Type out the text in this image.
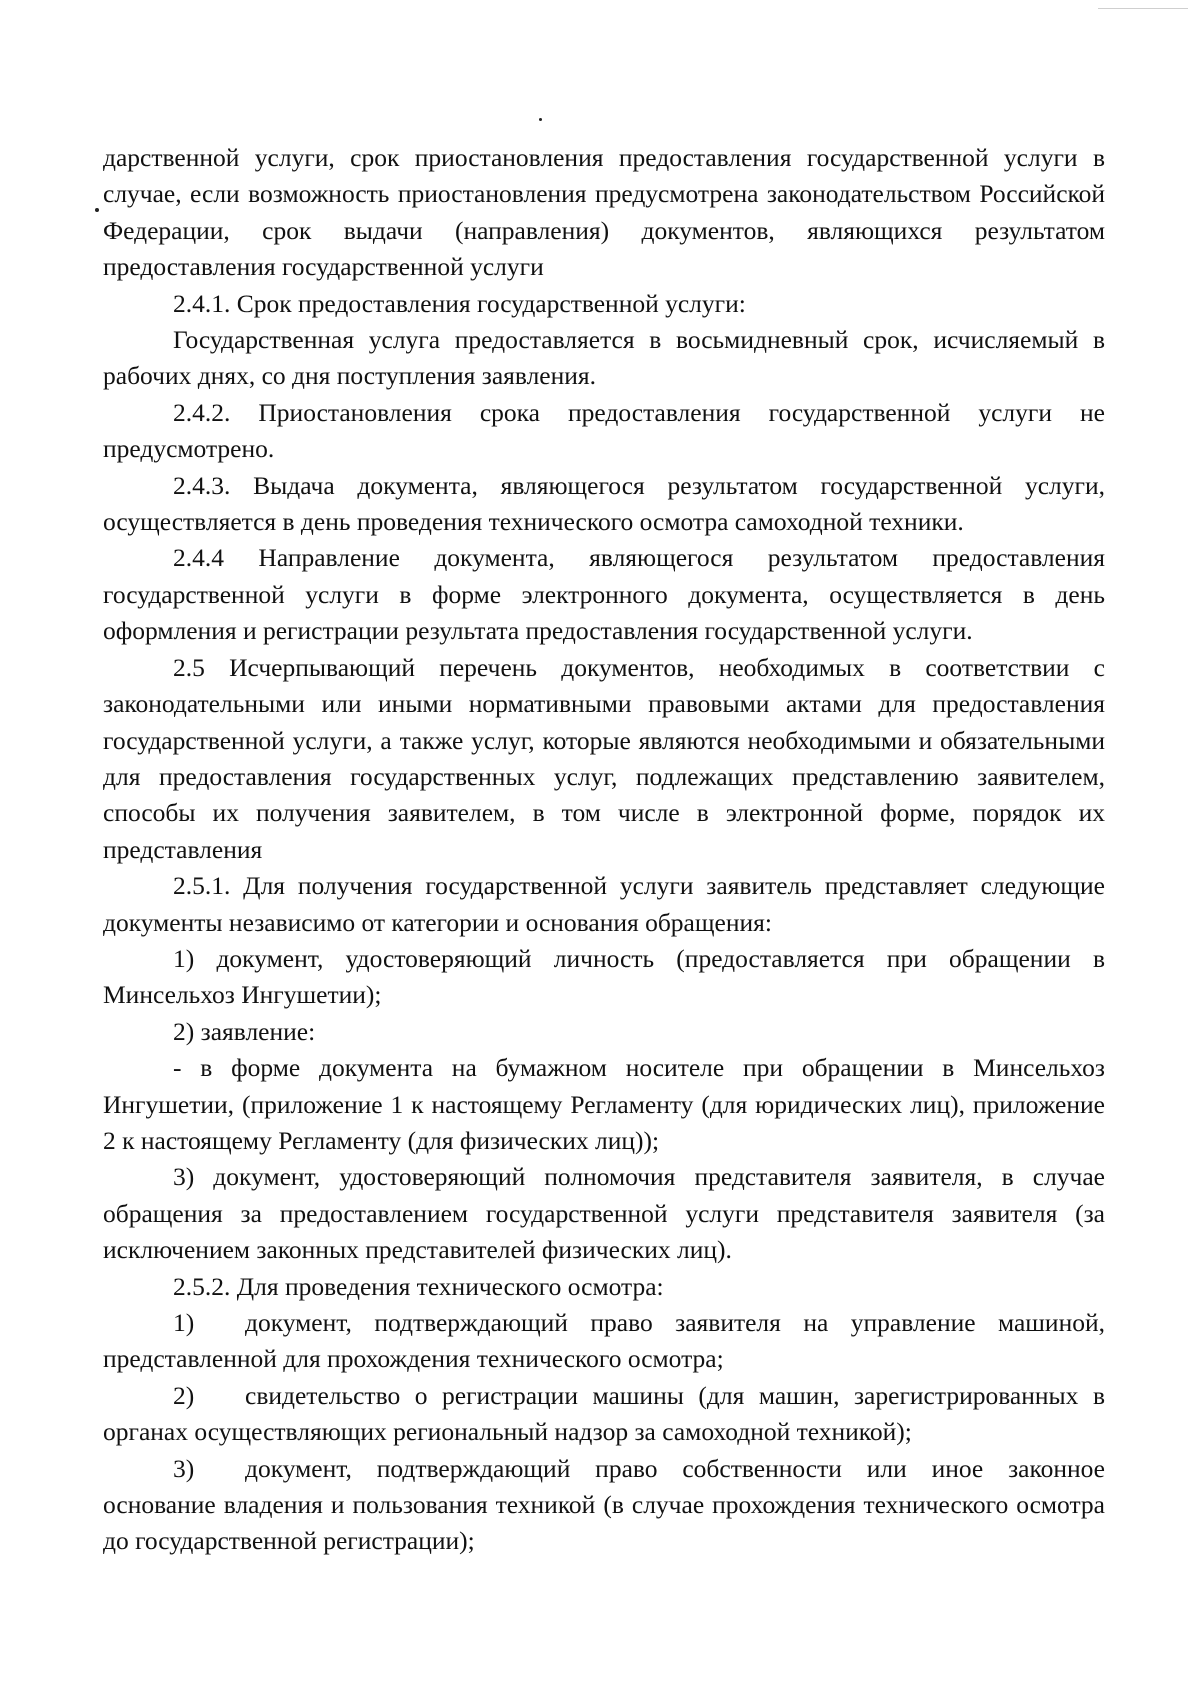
дарственной услуги, срок приостановления предоставления государственной услуги в случае, если возможность приостановления предусмотрена законодательством Российской Федерации, срок выдачи (направления) документов, являющихся результатом предоставления государственной услуги

2.4.1. Срок предоставления государственной услуги:

Государственная услуга предоставляется в восьмидневный срок, исчисляемый в рабочих днях, со дня поступления заявления.

2.4.2. Приостановления срока предоставления государственной услуги не предусмотрено.

2.4.3. Выдача документа, являющегося результатом государственной услуги, осуществляется в день проведения технического осмотра самоходной техники.

2.4.4 Направление документа, являющегося результатом предоставления государственной услуги в форме электронного документа, осуществляется в день оформления и регистрации результата предоставления государственной услуги.

2.5 Исчерпывающий перечень документов, необходимых в соответствии с законодательными или иными нормативными правовыми актами для предоставления государственной услуги, а также услуг, которые являются необходимыми и обязательными для предоставления государственных услуг, подлежащих представлению заявителем, способы их получения заявителем, в том числе в электронной форме, порядок их представления

2.5.1. Для получения государственной услуги заявитель представляет следующие документы независимо от категории и основания обращения:

1) документ, удостоверяющий личность (предоставляется при обращении в Минсельхоз Ингушетии);

2) заявление:

- в форме документа на бумажном носителе при обращении в Минсельхоз Ингушетии, (приложение 1 к настоящему Регламенту (для юридических лиц), приложение 2 к настоящему Регламенту (для физических лиц));

3) документ, удостоверяющий полномочия представителя заявителя, в случае обращения за предоставлением государственной услуги представителя заявителя (за исключением законных представителей физических лиц).

2.5.2. Для проведения технического осмотра:

1) документ, подтверждающий право заявителя на управление машиной, представленной для прохождения технического осмотра;

2) свидетельство о регистрации машины (для машин, зарегистрированных в органах осуществляющих региональный надзор за самоходной техникой);

3) документ, подтверждающий право собственности или иное законное основание владения и пользования техникой (в случае прохождения технического осмотра до государственной регистрации);
